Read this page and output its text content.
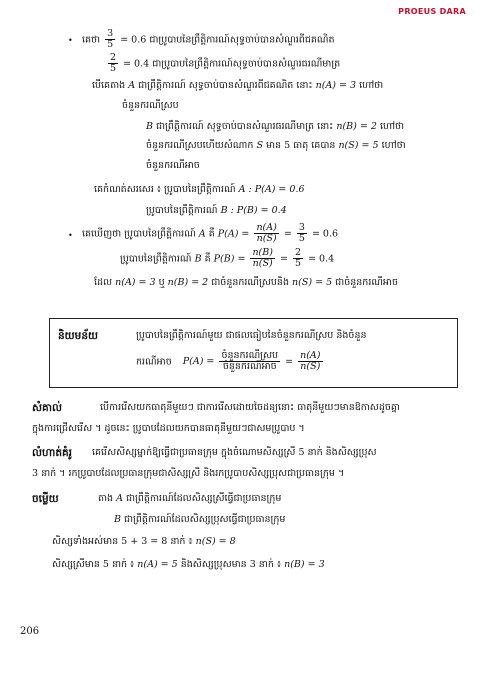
PROEUS DARA
• គេថា $\frac{3}{5} = 0.6$ ជាប្រូបាបនៃព្រឹត្តិការណ៍សុទ្ធចាប់បានសំណួរពីជគណិត
$\frac{2}{5} = 0.4$ ជាប្រូបាបនៃព្រឹត្តិការណ៍សុទ្ធចាប់បានសំណួរធរណីមាត្រ
បើគេតាង A ជាព្រឹត្តិការណ៍ សុទ្ធចាប់បានសំណួរពីជគណិត នោះ n(A) = 3 ហៅថា
ចំនួនករណីស្រប
B ជាព្រឹត្តិការណ៍ សុទ្ធចាប់បានសំណួរធរណីមាត្រ នោះ n(B) = 2 ហៅថា
ចំនួនករណីស្របហើយសំណាក S មាន 5 ធាតុ គេបាន n(S) = 5 ហៅថា
ចំនួនករណីអាច
គេកំណត់សរសេរ ៖ ប្រូបាបនៃព្រឹត្តិការណ៍ A : P(A) = 0.6
ប្រូបាបនៃព្រឹត្តិការណ៍ B : P(B) = 0.4
• គេឃើញថា ប្រូបាបនៃព្រឹត្តិការណ៍ A គឺ $P(A) = \frac{n(A)}{n(S)} = \frac{3}{5} = 0.6$
ប្រូបាបនៃព្រឹត្តិការណ៍ B គឺ $P(B) = \frac{n(B)}{n(S)} = \frac{2}{5} = 0.4$
ដែល n(A) = 3 ឬ n(B) = 2 ជាចំនួនករណីស្របនិង n(S) = 5 ជាចំនួនករណីអាច
និយមន័យ	ប្រូបាបនៃព្រឹត្តិការណ៍មួយ ជាផលធៀបនៃចំនួនករណីស្រប និងចំនួន
ករណីអាច $P(A) = \frac{\text{ចំនួនករណីស្រប}}{\text{ចំនួនករណីអាច}} = \frac{n(A)}{n(S)}$
សំគាល់	បើការរើសយកធាតុនីមួយៗ ជាការរើសដោយចៃដន្យនោះ ធាតុនីមួយៗមានឱកាសដូចគ្នា
ក្នុងការជ្រើសរើស ។ ដូចនេះ ប្រូបាបដែលយកបានធាតុនីមួយៗជាសមប្រូបាប ។
លំហាត់គំរូ គេរើសសិស្សម្នាក់ឱ្យធ្វើជាប្រធានក្រុម ក្នុងចំណោមសិស្សស្រី 5 នាក់ និងសិស្សប្រុស
3 នាក់ ។ រកប្រូបាបដែលប្រធានក្រុមជាសិស្សស្រី និងរកប្រូបាបសិស្សប្រុសជាប្រធានក្រុម ។
ចម្លើយ	តាង A ជាព្រឹត្តិការណ៍ដែលសិស្សស្រីធ្វើជាប្រធានក្រុម
B ជាព្រឹត្តិការណ៍ដែលសិស្សប្រុសធ្វើជាប្រធានក្រុម
សិស្សទាំងអស់មាន 5 + 3 = 8 នាក់ ៖ n(S) = 8
សិស្សស្រីមាន 5 នាក់ ៖ n(A) = 5 និងសិស្សប្រុសមាន 3 នាក់ ៖ n(B) = 3
206
